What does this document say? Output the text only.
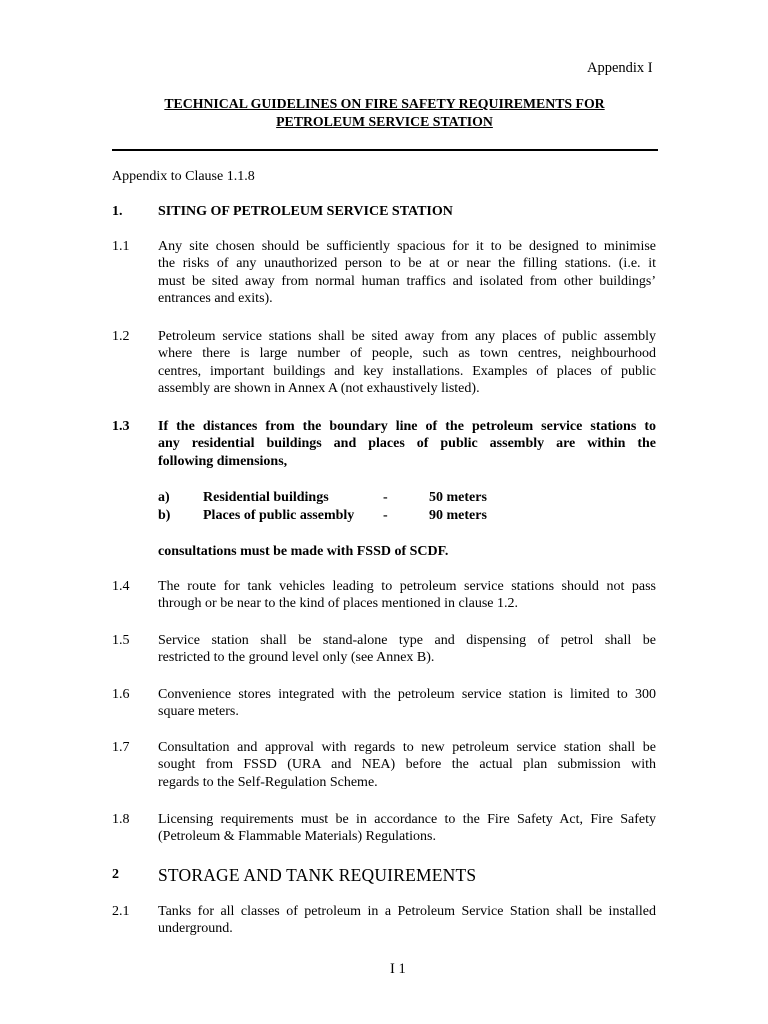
Appendix I
TECHNICAL GUIDELINES ON FIRE SAFETY REQUIREMENTS FOR
PETROLEUM SERVICE STATION
Appendix to Clause 1.1.8
1.	SITING OF PETROLEUM SERVICE STATION
1.1 Any site chosen should be sufficiently spacious for it to be designed to minimise
the risks of any unauthorized person to be at or near the filling stations. (i.e. it
must be sited away from normal human traffics and isolated from other buildings’
entrances and exits).
1.2 Petroleum service stations shall be sited away from any places of public assembly
where there is large number of people, such as town centres, neighbourhood
centres, important buildings and key installations. Examples of places of public
assembly are shown in Annex A (not exhaustively listed).
1.3 If the distances from the boundary line of the petroleum service stations to
any residential buildings and places of public assembly are within the
following dimensions,
a) Residential buildings	-	50 meters
b) Places of public assembly -	90 meters
consultations must be made with FSSD of SCDF.
1.4 The route for tank vehicles leading to petroleum service stations should not pass
through or be near to the kind of places mentioned in clause 1.2.
1.5 Service station shall be stand-alone type and dispensing of petrol shall be
restricted to the ground level only (see Annex B).
1.6 Convenience stores integrated with the petroleum service station is limited to 300
square meters.
1.7 Consultation and approval with regards to new petroleum service station shall be
sought from FSSD (URA and NEA) before the actual plan submission with
regards to the Self-Regulation Scheme.
1.8 Licensing requirements must be in accordance to the Fire Safety Act, Fire Safety
(Petroleum & Flammable Materials) Regulations.
2 STORAGE AND TANK REQUIREMENTS
2.1 Tanks for all classes of petroleum in a Petroleum Service Station shall be installed
underground.
I 1
